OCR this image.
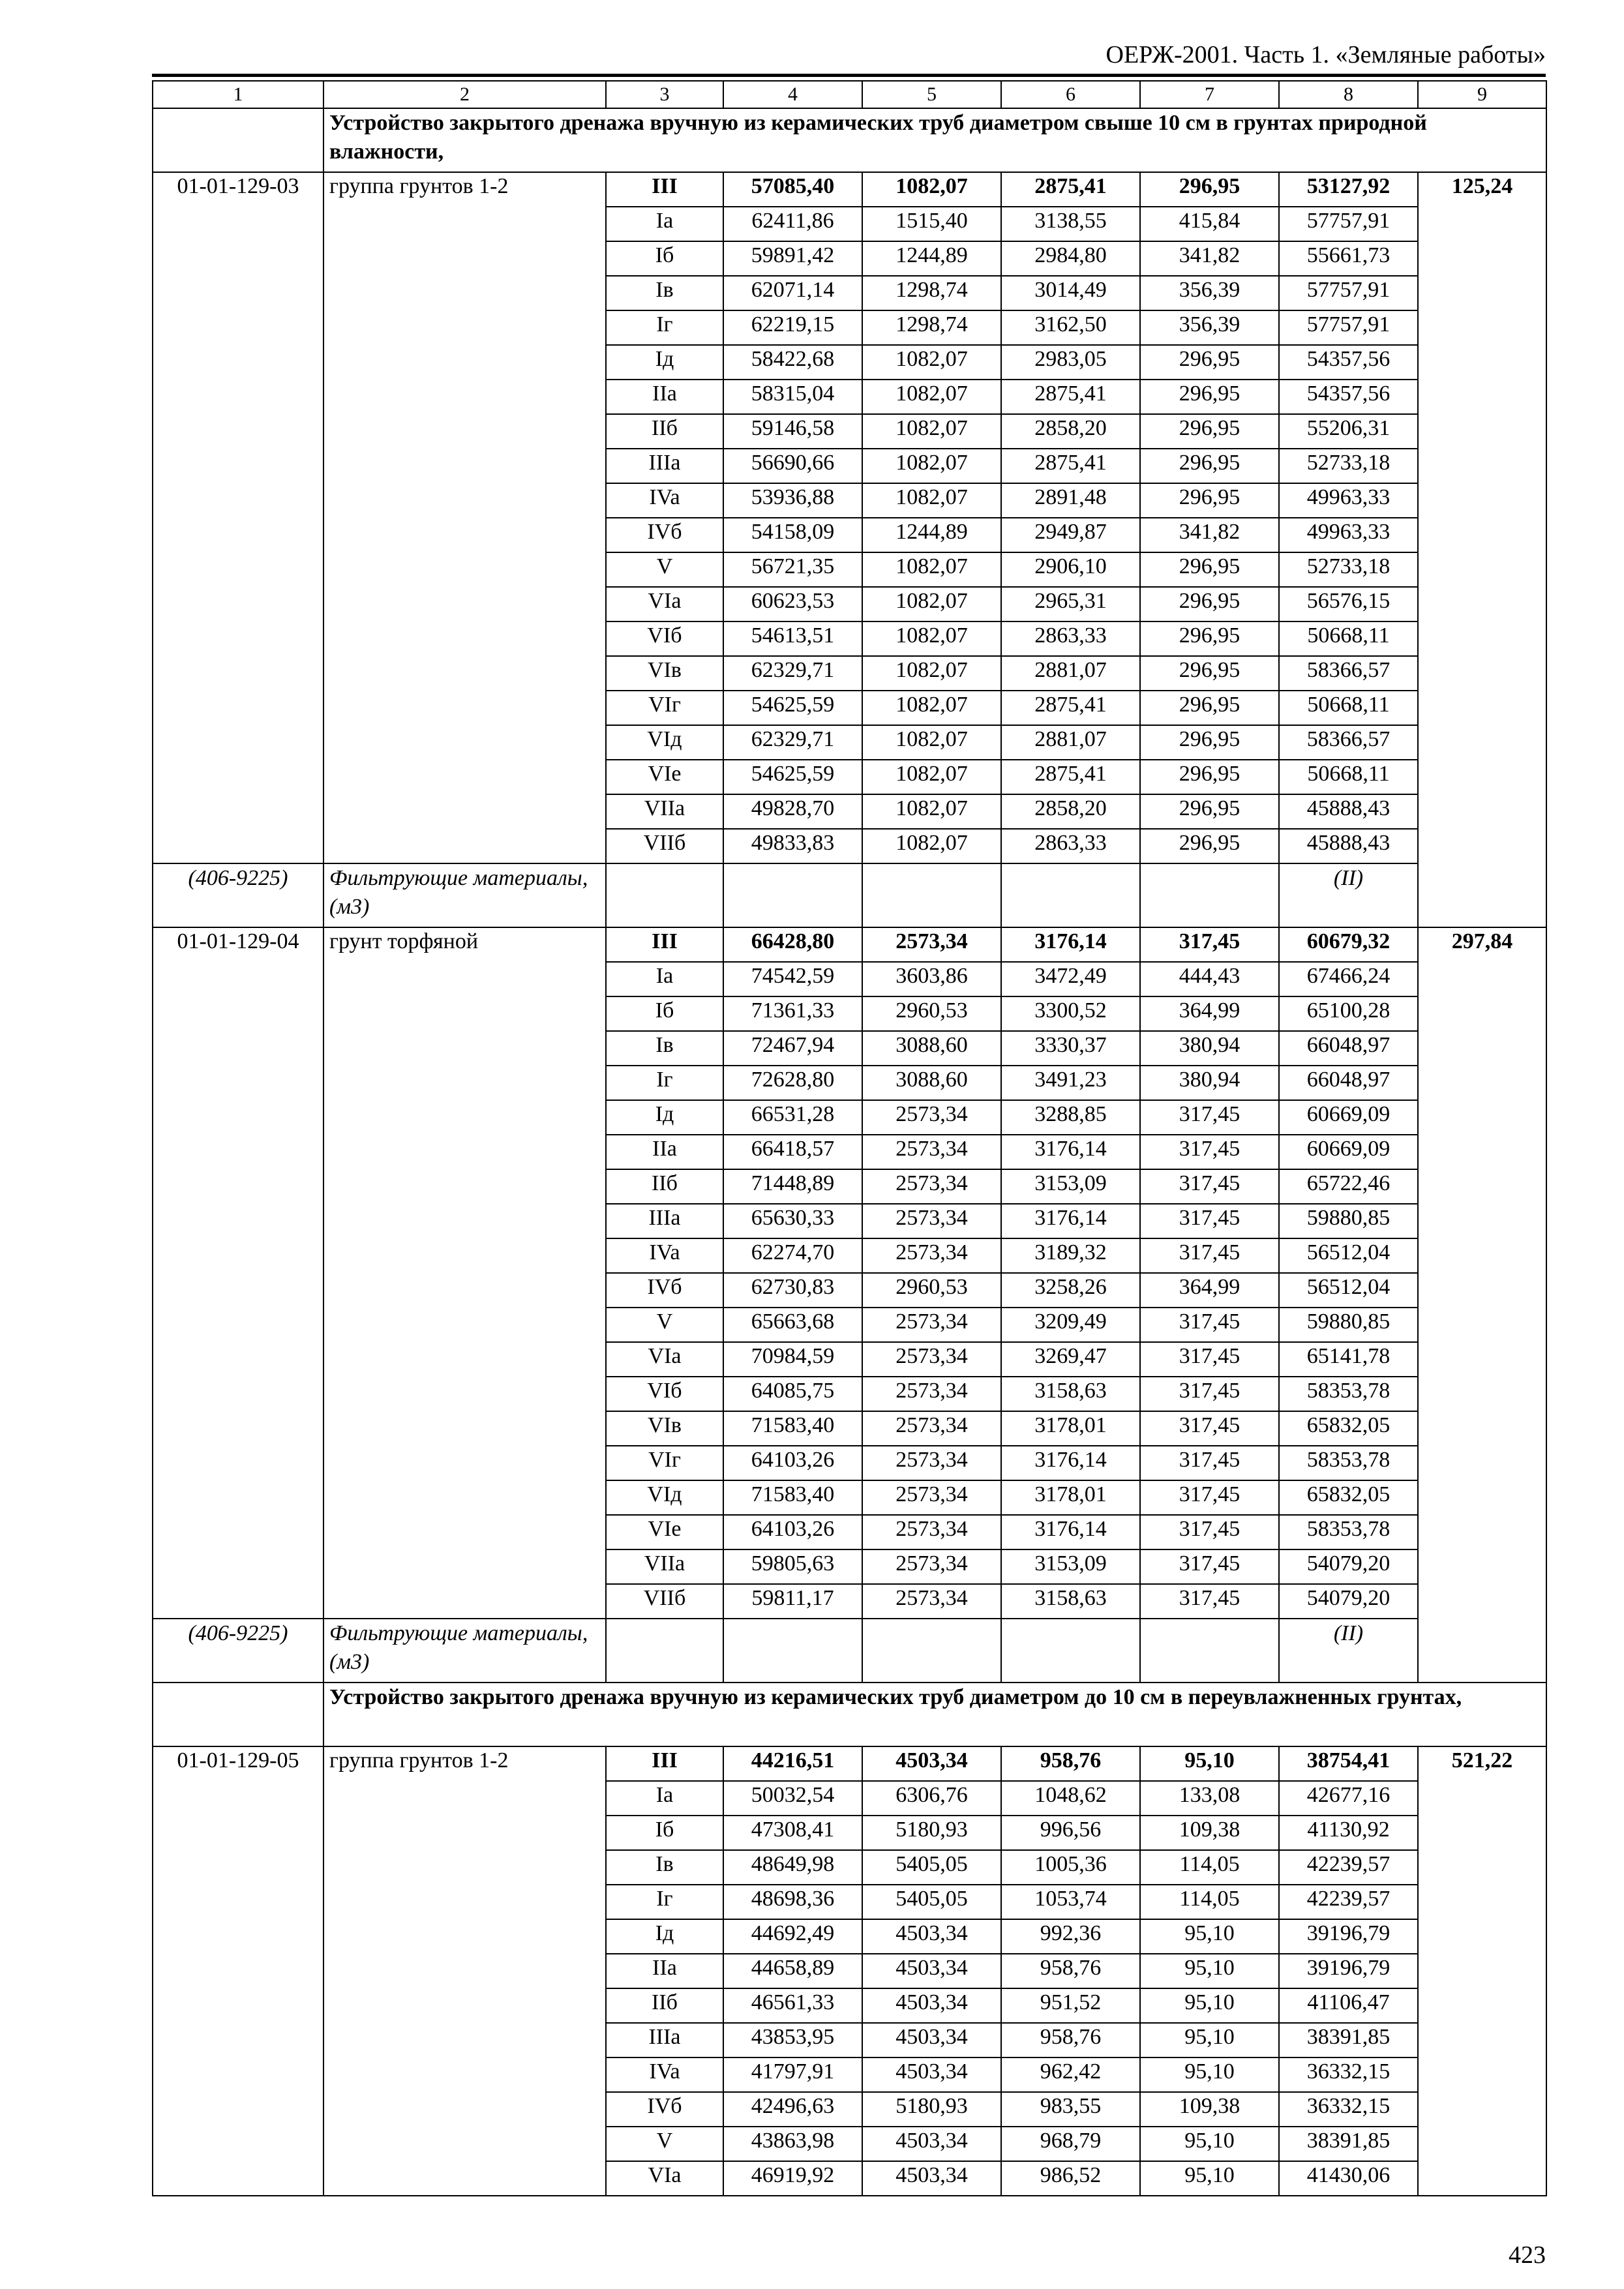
ОЕРЖ-2001. Часть 1. «Земляные работы»
1	2	3	4	5	6	7	8	9
	Устройство закрытого дренажа вручную из керамических труб диаметром свыше 10 см в грунтах природной влажности,							
01-01-129-03	группа грунтов 1-2	III	57085,40	1082,07	2875,41	296,95	53127,92	125,24
		Ia	62411,86	1515,40	3138,55	415,84	57757,91	
		Iб	59891,42	1244,89	2984,80	341,82	55661,73	
		Iв	62071,14	1298,74	3014,49	356,39	57757,91	
		Iг	62219,15	1298,74	3162,50	356,39	57757,91	
		Iд	58422,68	1082,07	2983,05	296,95	54357,56	
		IIa	58315,04	1082,07	2875,41	296,95	54357,56	
		IIб	59146,58	1082,07	2858,20	296,95	55206,31	
		IIIa	56690,66	1082,07	2875,41	296,95	52733,18	
		IVa	53936,88	1082,07	2891,48	296,95	49963,33	
		IVб	54158,09	1244,89	2949,87	341,82	49963,33	
		V	56721,35	1082,07	2906,10	296,95	52733,18	
		VIa	60623,53	1082,07	2965,31	296,95	56576,15	
		VIб	54613,51	1082,07	2863,33	296,95	50668,11	
		VIв	62329,71	1082,07	2881,07	296,95	58366,57	
		VIг	54625,59	1082,07	2875,41	296,95	50668,11	
		VIд	62329,71	1082,07	2881,07	296,95	58366,57	
		VIe	54625,59	1082,07	2875,41	296,95	50668,11	
		VIIa	49828,70	1082,07	2858,20	296,95	45888,43	
		VIIб	49833,83	1082,07	2863,33	296,95	45888,43	
(406-9225)	Фильтрующие материалы, (м3)						(II)	
01-01-129-04	грунт торфяной	III	66428,80	2573,34	3176,14	317,45	60679,32	297,84
		Ia	74542,59	3603,86	3472,49	444,43	67466,24	
		Iб	71361,33	2960,53	3300,52	364,99	65100,28	
		Iв	72467,94	3088,60	3330,37	380,94	66048,97	
		Iг	72628,80	3088,60	3491,23	380,94	66048,97	
		Iд	66531,28	2573,34	3288,85	317,45	60669,09	
		IIa	66418,57	2573,34	3176,14	317,45	60669,09	
		IIб	71448,89	2573,34	3153,09	317,45	65722,46	
		IIIa	65630,33	2573,34	3176,14	317,45	59880,85	
		IVa	62274,70	2573,34	3189,32	317,45	56512,04	
		IVб	62730,83	2960,53	3258,26	364,99	56512,04	
		V	65663,68	2573,34	3209,49	317,45	59880,85	
		VIa	70984,59	2573,34	3269,47	317,45	65141,78	
		VIб	64085,75	2573,34	3158,63	317,45	58353,78	
		VIв	71583,40	2573,34	3178,01	317,45	65832,05	
		VIг	64103,26	2573,34	3176,14	317,45	58353,78	
		VIд	71583,40	2573,34	3178,01	317,45	65832,05	
		VIe	64103,26	2573,34	3176,14	317,45	58353,78	
		VIIa	59805,63	2573,34	3153,09	317,45	54079,20	
		VIIб	59811,17	2573,34	3158,63	317,45	54079,20	
(406-9225)	Фильтрующие материалы, (м3)						(II)	
	Устройство закрытого дренажа вручную из керамических труб диаметром до 10 см в переувлажненных грунтах,							
01-01-129-05	группа грунтов 1-2	III	44216,51	4503,34	958,76	95,10	38754,41	521,22
		Ia	50032,54	6306,76	1048,62	133,08	42677,16	
		Iб	47308,41	5180,93	996,56	109,38	41130,92	
		Iв	48649,98	5405,05	1005,36	114,05	42239,57	
		Iг	48698,36	5405,05	1053,74	114,05	42239,57	
		Iд	44692,49	4503,34	992,36	95,10	39196,79	
		IIa	44658,89	4503,34	958,76	95,10	39196,79	
		IIб	46561,33	4503,34	951,52	95,10	41106,47	
		IIIa	43853,95	4503,34	958,76	95,10	38391,85	
		IVa	41797,91	4503,34	962,42	95,10	36332,15	
		IVб	42496,63	5180,93	983,55	109,38	36332,15	
		V	43863,98	4503,34	968,79	95,10	38391,85	
		VIa	46919,92	4503,34	986,52	95,10	41430,06	
423
